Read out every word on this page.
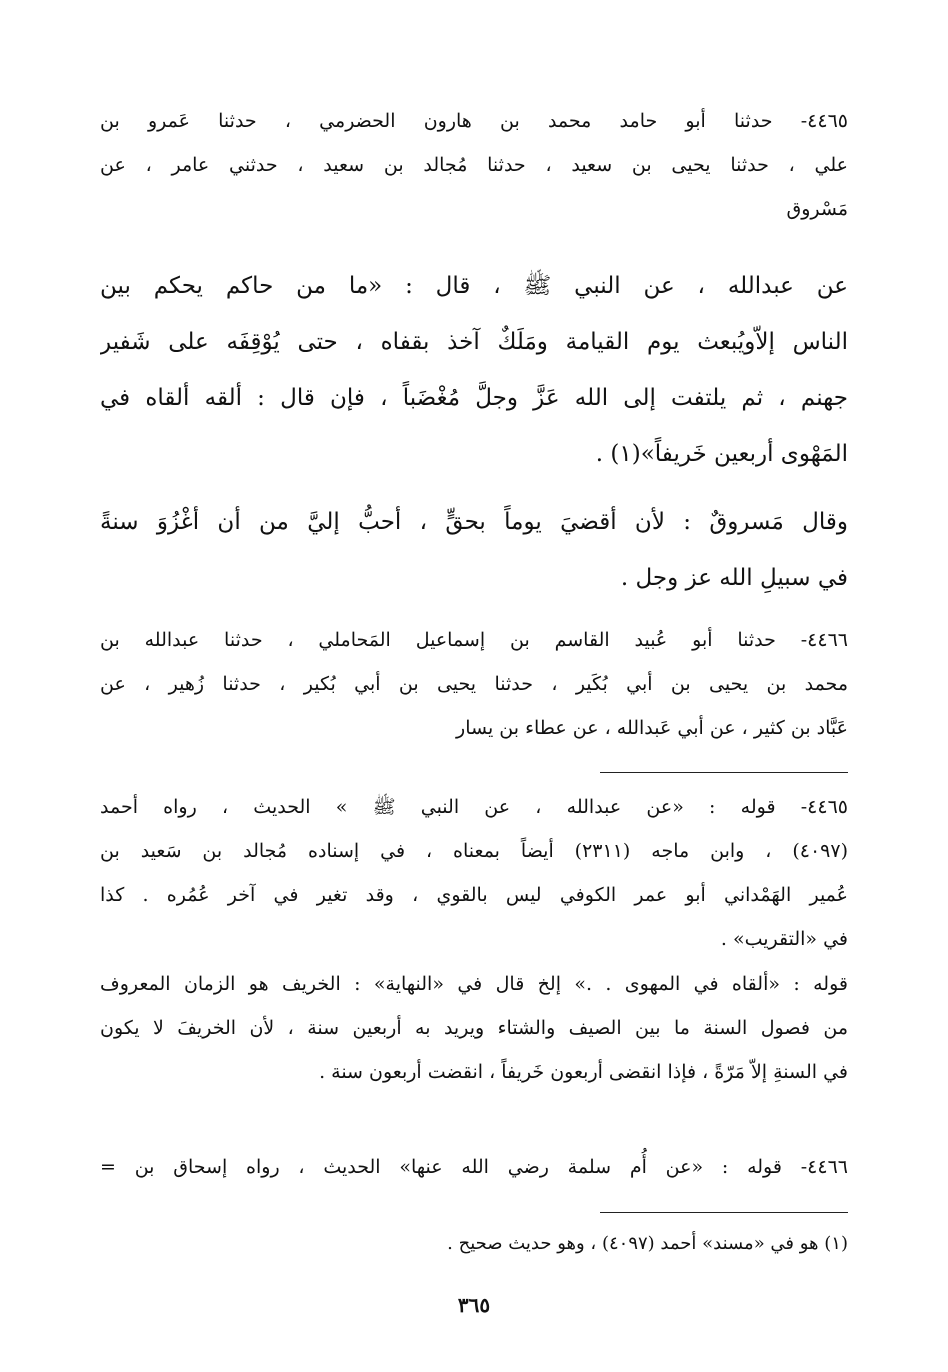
٤٤٦٥- حدثنا أبو حامد محمد بن هارون الحضرمي ، حدثنا عَمرو بن
علي ، حدثنا يحيى بن سعيد ، حدثنا مُجالد بن سعيد ، حدثني عامر ، عن
مَسْروق
عن عبدالله ، عن النبي ﷺ ، قال : «ما من حاكم يحكم بين
الناس إلاّويُبعث يوم القيامة ومَلَكٌ آخذ بقفاه ، حتى يُوْقِفَه على شَفير
جهنم ، ثم يلتفت إلى الله عَزَّ وجلَّ مُغْضَباً ، فإن قال : ألقه ألقاه في
المَهْوى أربعين خَريفاً»(١) .
وقال مَسروقٌ : لأن أقضيَ يوماً بحقٍّ ، أحبُّ إليَّ من أن أغْزُوَ سنةً
في سبيلِ الله عز وجل .
٤٤٦٦- حدثنا أبو عُبيد القاسم بن إسماعيل المَحاملي ، حدثنا عبدالله بن
محمد بن يحيى بن أبي بُكَير ، حدثنا يحيى بن أبي بُكير ، حدثنا زُهير ، عن
عَبَّاد بن كثير ، عن أبي عَبدالله ، عن عطاء بن يسار
٤٤٦٥- قوله : «عن عبدالله ، عن النبي ﷺ » الحديث ، رواه أحمد
(٤٠٩٧) ، وابن ماجه (٢٣١١) أيضاً بمعناه ، في إسناده مُجالد بن سَعيد بن
عُمير الهَمْداني أبو عمر الكوفي ليس بالقوي ، وقد تغير في آخر عُمُره . كذا
في «التقريب» .
قوله : «ألقاه في المهوى . .» إلخ قال في «النهاية» : الخريف هو الزمان المعروف
من فصول السنة ما بين الصيف والشتاء ويريد به أربعين سنة ، لأن الخريفَ لا يكون
في السنةِ إلاّ مَرّةً ، فإذا انقضى أربعون خَريفاً ، انقضت أربعون سنة .
٤٤٦٦- قوله : «عن أُم سلمة رضي الله عنها» الحديث ، رواه إسحاق بن =
(١) هو في «مسند» أحمد (٤٠٩٧) ، وهو حديث صحيح .
٣٦٥
